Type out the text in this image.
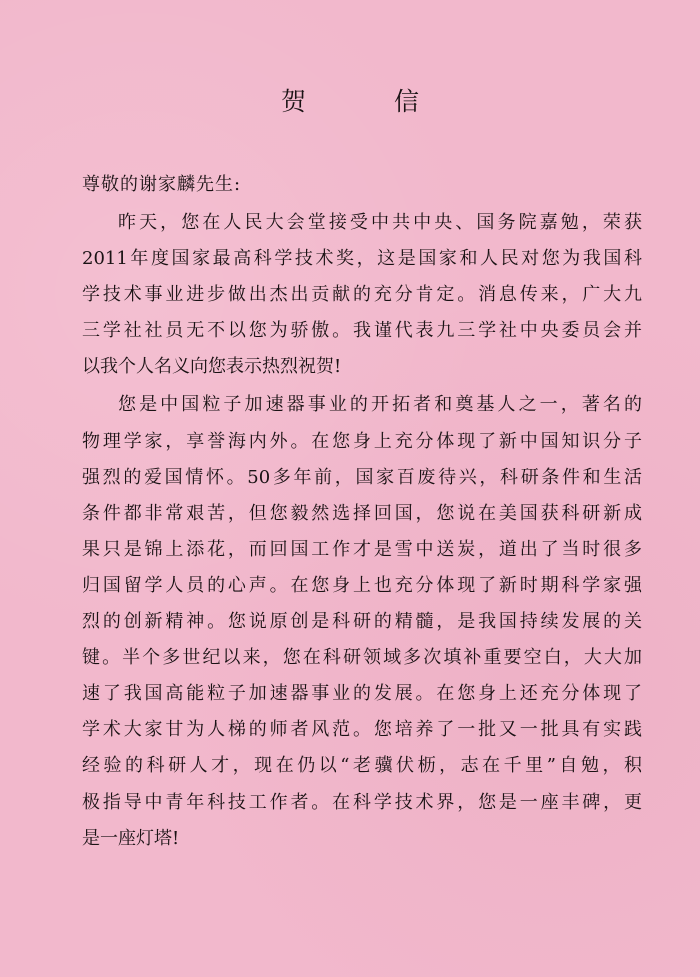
贺 信
尊敬的谢家麟先生:
昨天，您在人民大会堂接受中共中央、国务院嘉勉，荣获
2011年度国家最高科学技术奖，这是国家和人民对您为我国科
学技术事业进步做出杰出贡献的充分肯定。消息传来，广大九
三学社社员无不以您为骄傲。我谨代表九三学社中央委员会并
以我个人名义向您表示热烈祝贺!
您是中国粒子加速器事业的开拓者和奠基人之一，著名的
物理学家，享誉海内外。在您身上充分体现了新中国知识分子
强烈的爱国情怀。50多年前，国家百废待兴，科研条件和生活
条件都非常艰苦，但您毅然选择回国，您说在美国获科研新成
果只是锦上添花，而回国工作才是雪中送炭，道出了当时很多
归国留学人员的心声。在您身上也充分体现了新时期科学家强
烈的创新精神。您说原创是科研的精髓，是我国持续发展的关
键。半个多世纪以来，您在科研领域多次填补重要空白，大大加
速了我国高能粒子加速器事业的发展。在您身上还充分体现了
学术大家甘为人梯的师者风范。您培养了一批又一批具有实践
经验的科研人才，现在仍以“老骥伏枥，志在千里”自勉，积
极指导中青年科技工作者。在科学技术界，您是一座丰碑，更
是一座灯塔!
